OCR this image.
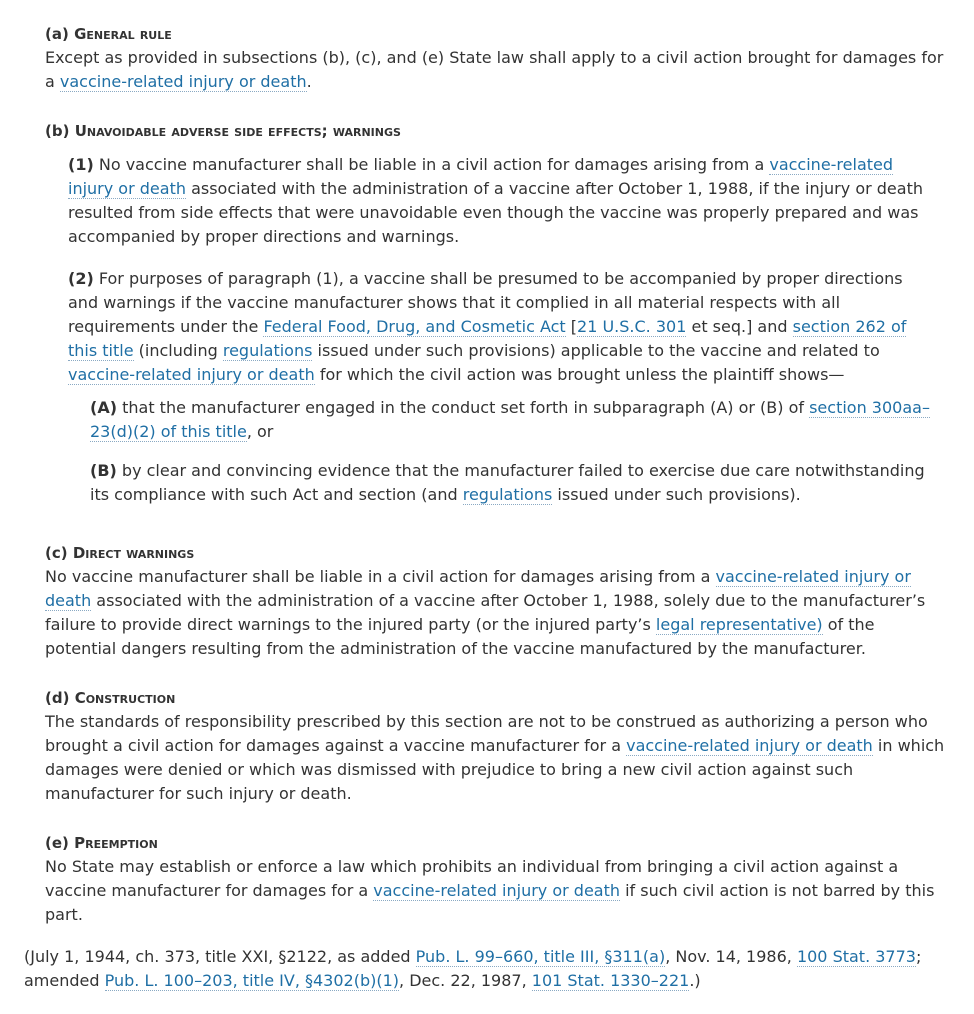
(a) General rule

Except as provided in subsections (b), (c), and (e) State law shall apply to a civil action brought for damages for a vaccine-related injury or death.

(b) Unavoidable adverse side effects; warnings

(1) No vaccine manufacturer shall be liable in a civil action for damages arising from a vaccine-related injury or death associated with the administration of a vaccine after October 1, 1988, if the injury or death resulted from side effects that were unavoidable even though the vaccine was properly prepared and was accompanied by proper directions and warnings.

(2) For purposes of paragraph (1), a vaccine shall be presumed to be accompanied by proper directions and warnings if the vaccine manufacturer shows that it complied in all material respects with all requirements under the Federal Food, Drug, and Cosmetic Act [21 U.S.C. 301 et seq.] and section 262 of this title (including regulations issued under such provisions) applicable to the vaccine and related to vaccine-related injury or death for which the civil action was brought unless the plaintiff shows—

(A) that the manufacturer engaged in the conduct set forth in subparagraph (A) or (B) of section 300aa–23(d)(2) of this title, or

(B) by clear and convincing evidence that the manufacturer failed to exercise due care notwithstanding its compliance with such Act and section (and regulations issued under such provisions).

(c) Direct warnings

No vaccine manufacturer shall be liable in a civil action for damages arising from a vaccine-related injury or death associated with the administration of a vaccine after October 1, 1988, solely due to the manufacturer’s failure to provide direct warnings to the injured party (or the injured party’s legal representative) of the potential dangers resulting from the administration of the vaccine manufactured by the manufacturer.

(d) Construction

The standards of responsibility prescribed by this section are not to be construed as authorizing a person who brought a civil action for damages against a vaccine manufacturer for a vaccine-related injury or death in which damages were denied or which was dismissed with prejudice to bring a new civil action against such manufacturer for such injury or death.

(e) Preemption

No State may establish or enforce a law which prohibits an individual from bringing a civil action against a vaccine manufacturer for damages for a vaccine-related injury or death if such civil action is not barred by this part.

(July 1, 1944, ch. 373, title XXI, §2122, as added Pub. L. 99–660, title III, §311(a), Nov. 14, 1986, 100 Stat. 3773; amended Pub. L. 100–203, title IV, §4302(b)(1), Dec. 22, 1987, 101 Stat. 1330–221.)
